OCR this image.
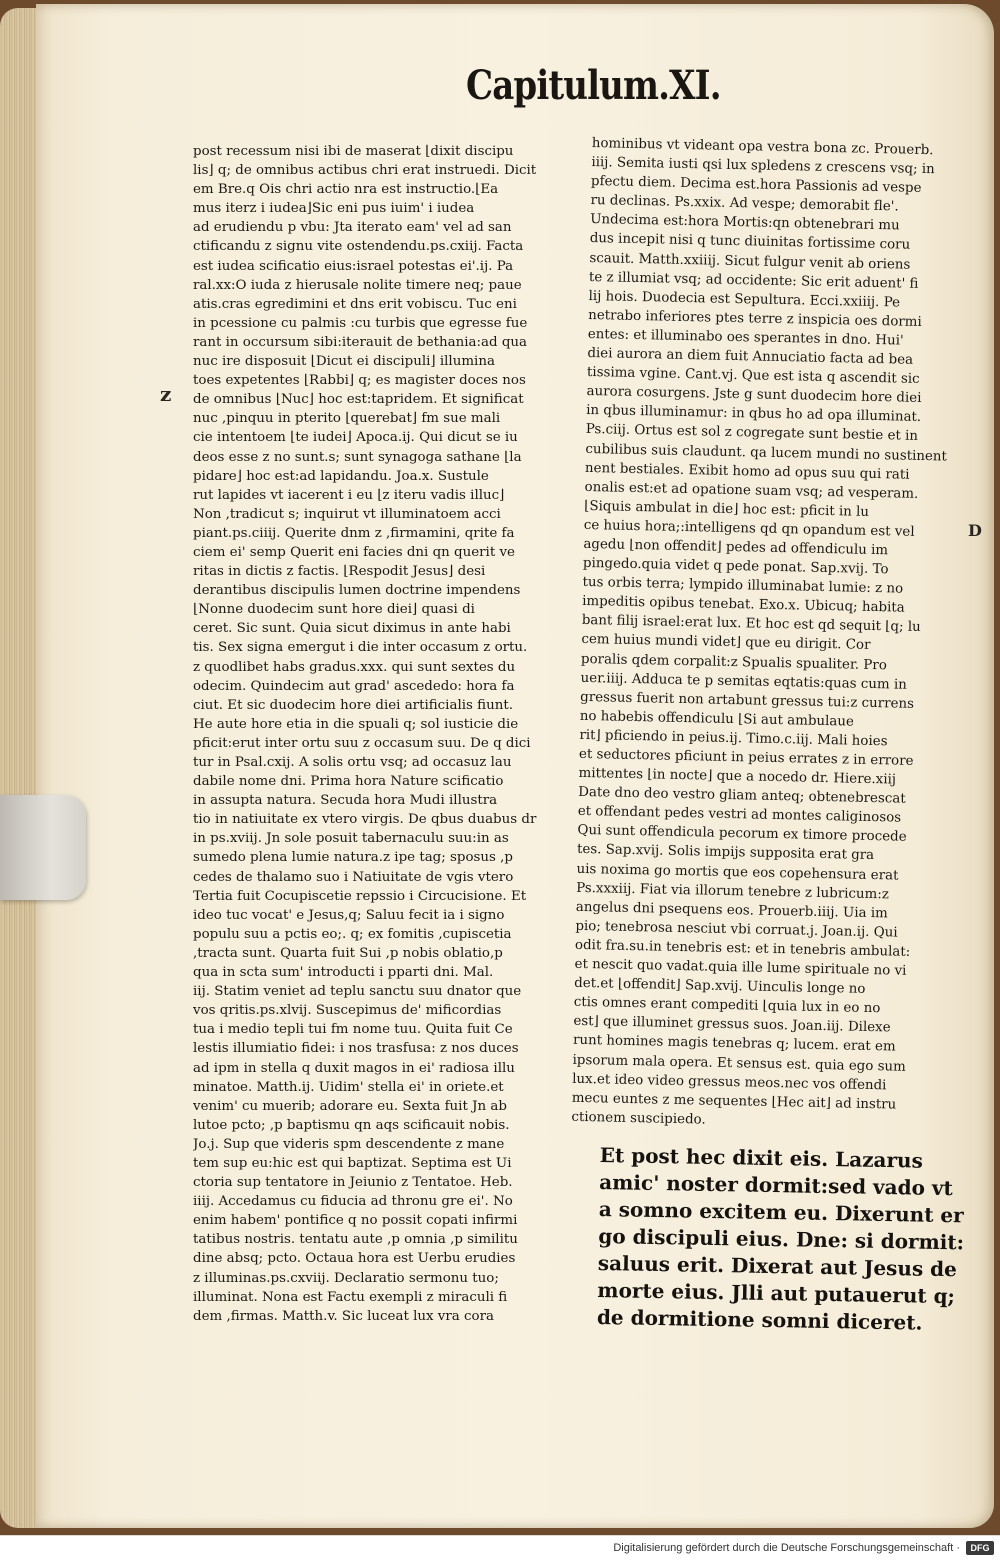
Capitulum.XI.
z
D
post recessum nisi ibi de maserat ⌊dixit discipu
lis⌋ q; de omnibus actibus chri erat instruedi. Dicit
em Bre.q Ois chri actio nra est instructio.⌊Ea
mus iterz i iudea⌋Sic eni pus iuim' i iudea
ad erudiendu p vbu: Jta iterato eam' vel ad san
ctificandu z signu vite ostendendu.ps.cxiij. Facta
est iudea scificatio eius:israel potestas ei'.ij. Pa
ral.xx:O iuda z hierusale nolite timere neq; paue
atis.cras egredimini et dns erit vobiscu. Tuc eni
in pcessione cu palmis :cu turbis que egresse fue
rant in occursum sibi:iterauit de bethania:ad qua
nuc ire disposuit ⌊Dicut ei discipuli⌋ illumina
toes expetentes ⌊Rabbi⌋ q; es magister doces nos
de omnibus ⌊Nuc⌋ hoc est:tapridem. Et significat
nuc ,pinquu in pterito ⌊querebat⌋ fm sue mali
cie intentoem ⌊te iudei⌋ Apoca.ij. Qui dicut se iu
deos esse z no sunt.s; sunt synagoga sathane ⌊la
pidare⌋ hoc est:ad lapidandu. Joa.x. Sustule
rut lapides vt iacerent i eu ⌊z iteru vadis illuc⌋
Non ,tradicut s; inquirut vt illuminatoem acci
piant.ps.ciiij. Querite dnm z ,firmamini, qrite fa
ciem ei' semp Querit eni facies dni qn querit ve
ritas in dictis z factis. ⌊Respodit Jesus⌋ desi
derantibus discipulis lumen doctrine impendens
⌊Nonne duodecim sunt hore diei⌋ quasi di
ceret. Sic sunt. Quia sicut diximus in ante habi
tis. Sex signa emergut i die inter occasum z ortu.
z quodlibet habs gradus.xxx. qui sunt sextes du
odecim. Quindecim aut grad' ascededo: hora fa
ciut. Et sic duodecim hore diei artificialis fiunt.
He aute hore etia in die spuali q; sol iusticie die
pficit:erut inter ortu suu z occasum suu. De q dici
tur in Psal.cxij. A solis ortu vsq; ad occasuz lau
dabile nome dni. Prima hora Nature scificatio
in assupta natura. Secuda hora Mudi illustra
tio in natiuitate ex vtero virgis. De qbus duabus dr
in ps.xviij. Jn sole posuit tabernaculu suu:in as
sumedo plena lumie natura.z ipe tag; sposus ,p
cedes de thalamo suo i Natiuitate de vgis vtero
Tertia fuit Cocupiscetie repssio i Circucisione. Et
ideo tuc vocat' e Jesus,q; Saluu fecit ia i signo
populu suu a pctis eo;. q; ex fomitis ,cupiscetia
,tracta sunt. Quarta fuit Sui ,p nobis oblatio,p
qua in scta sum' introducti i pparti dni. Mal.
iij. Statim veniet ad teplu sanctu suu dnator que
vos qritis.ps.xlvij. Suscepimus de' mificordias
tua i medio tepli tui fm nome tuu. Quita fuit Ce
lestis illumiatio fidei: i nos trasfusa: z nos duces
ad ipm in stella q duxit magos in ei' radiosa illu
minatoe. Matth.ij. Uidim' stella ei' in oriete.et
venim' cu muerib; adorare eu. Sexta fuit Jn ab
lutoe pcto; ,p baptismu qn aqs scificauit nobis.
Jo.j. Sup que videris spm descendente z mane
tem sup eu:hic est qui baptizat. Septima est Ui
ctoria sup tentatore in Jeiunio z Tentatoe. Heb.
iiij. Accedamus cu fiducia ad thronu gre ei'. No
enim habem' pontifice q no possit copati infirmi
tatibus nostris. tentatu aute ,p omnia ,p similitu
dine absq; pcto. Octaua hora est Uerbu erudies
z illuminas.ps.cxviij. Declaratio sermonu tuo;
illuminat. Nona est Factu exempli z miraculi fi
dem ,firmas. Matth.v. Sic luceat lux vra cora
hominibus vt videant opa vestra bona zc. Prouerb.
iiij. Semita iusti qsi lux spledens z crescens vsq; in
pfectu diem. Decima est.hora Passionis ad vespe
ru declinas. Ps.xxix. Ad vespe; demorabit fle'.
Undecima est:hora Mortis:qn obtenebrari mu
dus incepit nisi q tunc diuinitas fortissime coru
scauit. Matth.xxiiij. Sicut fulgur venit ab oriens
te z illumiat vsq; ad occidente: Sic erit aduent' fi
lij hois. Duodecia est Sepultura. Ecci.xxiiij. Pe
netrabo inferiores ptes terre z inspicia oes dormi
entes: et illuminabo oes sperantes in dno. Hui'
diei aurora an diem fuit Annuciatio facta ad bea
tissima vgine. Cant.vj. Que est ista q ascendit sic
aurora cosurgens. Jste g sunt duodecim hore diei
in qbus illuminamur: in qbus ho ad opa illuminat.
Ps.ciij. Ortus est sol z cogregate sunt bestie et in
cubilibus suis claudunt. qa lucem mundi no sustinent
nent bestiales. Exibit homo ad opus suu qui rati
onalis est:et ad opatione suam vsq; ad vesperam.
⌊Siquis ambulat in die⌋ hoc est: pficit in lu
ce huius hora;:intelligens qd qn opandum est vel
agedu ⌊non offendit⌋ pedes ad offendiculu im
pingedo.quia videt q pede ponat. Sap.xvij. To
tus orbis terra; lympido illuminabat lumie: z no
impeditis opibus tenebat. Exo.x. Ubicuq; habita
bant filij israel:erat lux. Et hoc est qd sequit ⌊q; lu
cem huius mundi videt⌋ que eu dirigit. Cor
poralis qdem corpalit:z Spualis spualiter. Pro
uer.iiij. Adduca te p semitas eqtatis:quas cum in
gressus fuerit non artabunt gressus tui:z currens
no habebis offendiculu ⌊Si aut ambulaue
rit⌋ pficiendo in peius.ij. Timo.c.iij. Mali hoies
et seductores pficiunt in peius errates z in errore
mittentes ⌊in nocte⌋ que a nocedo dr. Hiere.xiij
Date dno deo vestro gliam anteq; obtenebrescat
et offendant pedes vestri ad montes caliginosos
Qui sunt offendicula pecorum ex timore procede
tes. Sap.xvij. Solis impijs supposita erat gra
uis noxima go mortis que eos copehensura erat
Ps.xxxiij. Fiat via illorum tenebre z lubricum:z
angelus dni psequens eos. Prouerb.iiij. Uia im
pio; tenebrosa nesciut vbi corruat.j. Joan.ij. Qui
odit fra.su.in tenebris est: et in tenebris ambulat:
et nescit quo vadat.quia ille lume spirituale no vi
det.et ⌊offendit⌋ Sap.xvij. Uinculis longe no
ctis omnes erant compediti ⌊quia lux in eo no
est⌋ que illuminet gressus suos. Joan.iij. Dilexe
runt homines magis tenebras q; lucem. erat em
ipsorum mala opera. Et sensus est. quia ego sum
lux.et ideo video gressus meos.nec vos offendi
mecu euntes z me sequentes ⌊Hec ait⌋ ad instru
ctionem suscipiedo.
Et post hec dixit eis. Lazarus
amic' noster dormit:sed vado vt
a somno excitem eu. Dixerunt er
go discipuli eius. Dne: si dormit:
saluus erit. Dixerat aut Jesus de
morte eius. Jlli aut putauerut q;
de dormitione somni diceret.
Digitalisierung gefördert durch die Deutsche Forschungsgemeinschaft ·	DFG
